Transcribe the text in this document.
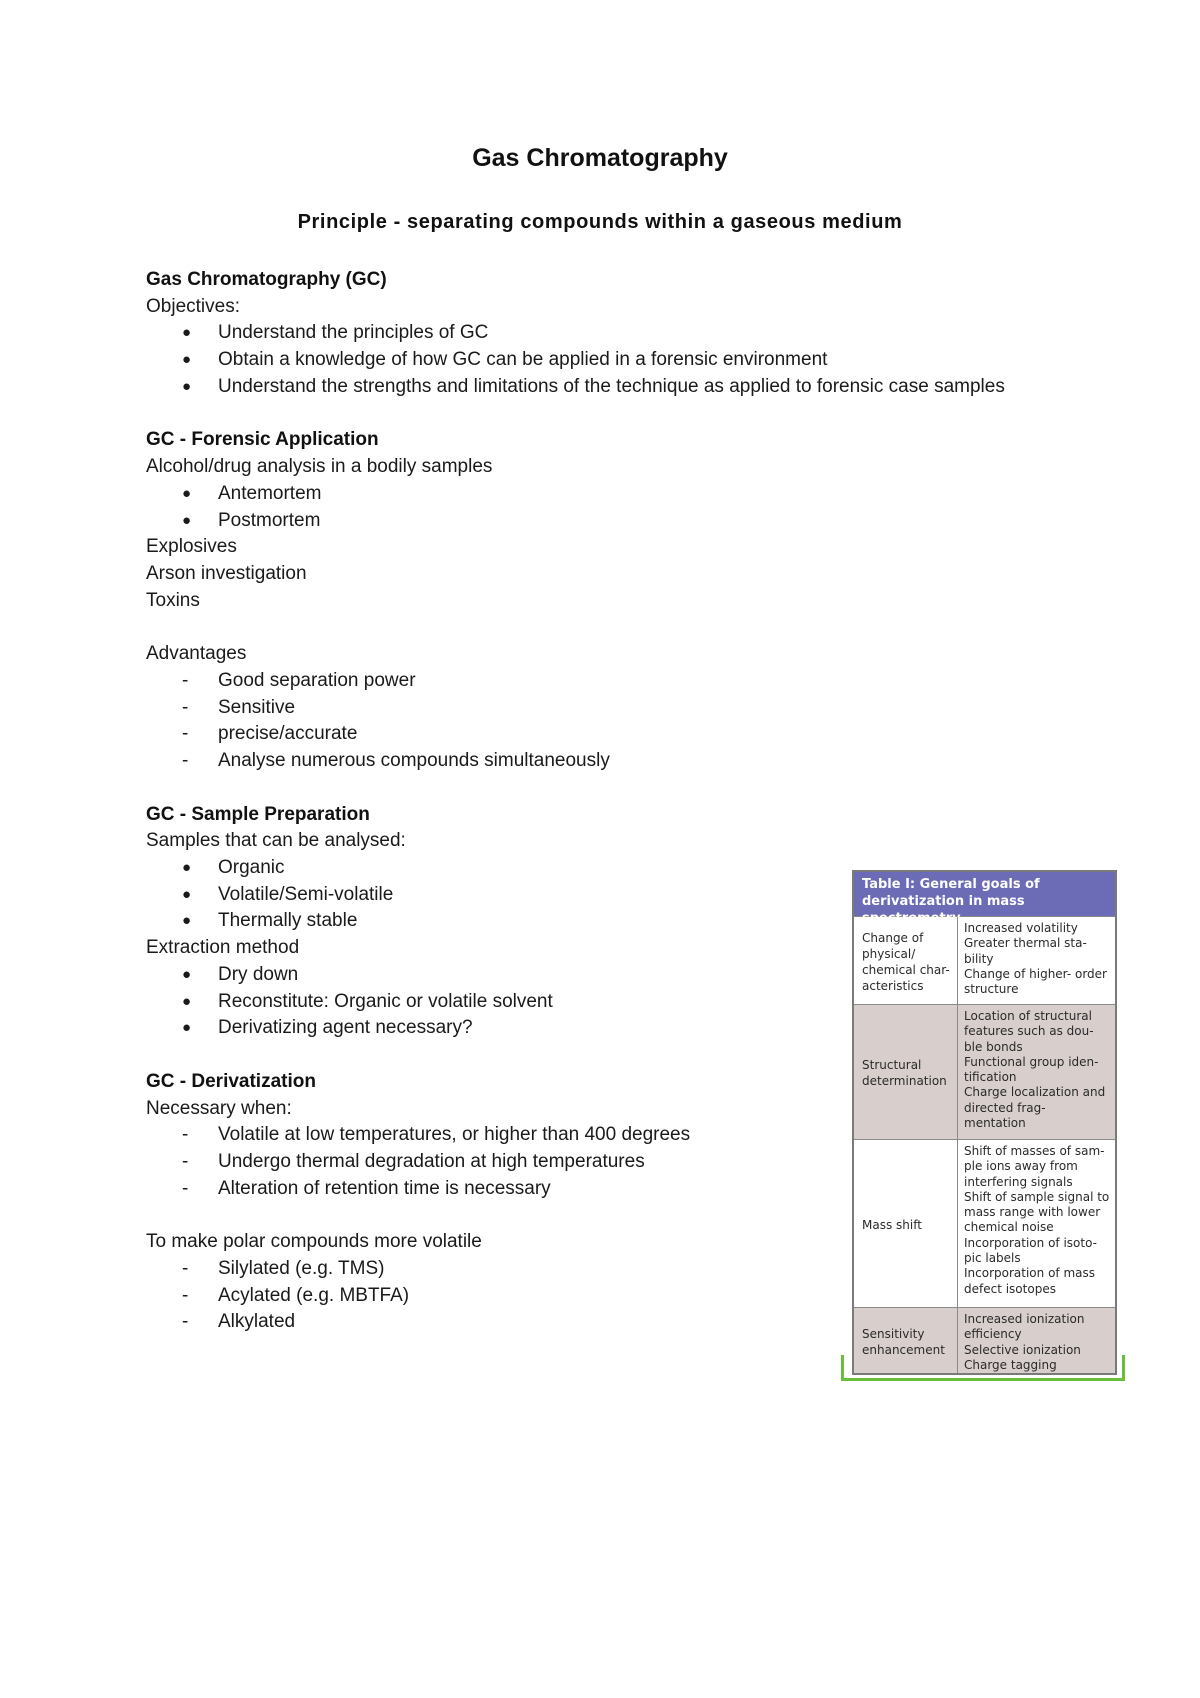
Gas Chromatography
Principle - separating compounds within a gaseous medium
Gas Chromatography (GC)
Objectives:
● Understand the principles of GC
● Obtain a knowledge of how GC can be applied in a forensic environment
● Understand the strengths and limitations of the technique as applied to forensic case samples
GC - Forensic Application
Alcohol/drug analysis in a bodily samples
● Antemortem
● Postmortem
Explosives
Arson investigation
Toxins
Advantages
- Good separation power
- Sensitive
- precise/accurate
- Analyse numerous compounds simultaneously
GC - Sample Preparation
Samples that can be analysed:
● Organic
● Volatile/Semi-volatile
● Thermally stable
Extraction method
● Dry down
● Reconstitute: Organic or volatile solvent
● Derivatizing agent necessary?
GC - Derivatization
Necessary when:
- Volatile at low temperatures, or higher than 400 degrees
- Undergo thermal degradation at high temperatures
- Alteration of retention time is necessary
To make polar compounds more volatile
- Silylated (e.g. TMS)
- Acylated (e.g. MBTFA)
- Alkylated
Table I: General goals of derivatization in mass spectrometry
Change of physical/ chemical char- acteristics
Increased volatility
Greater thermal sta- bility
Change of higher- order structure
Structural determination
Location of structural features such as dou- ble bonds
Functional group iden- tification
Charge localization and directed frag- mentation
Mass shift
Shift of masses of sam- ple ions away from interfering signals
Shift of sample signal to mass range with lower chemical noise
Incorporation of isoto- pic labels
Incorporation of mass defect isotopes
Sensitivity enhancement
Increased ionization efficiency
Selective ionization
Charge tagging
